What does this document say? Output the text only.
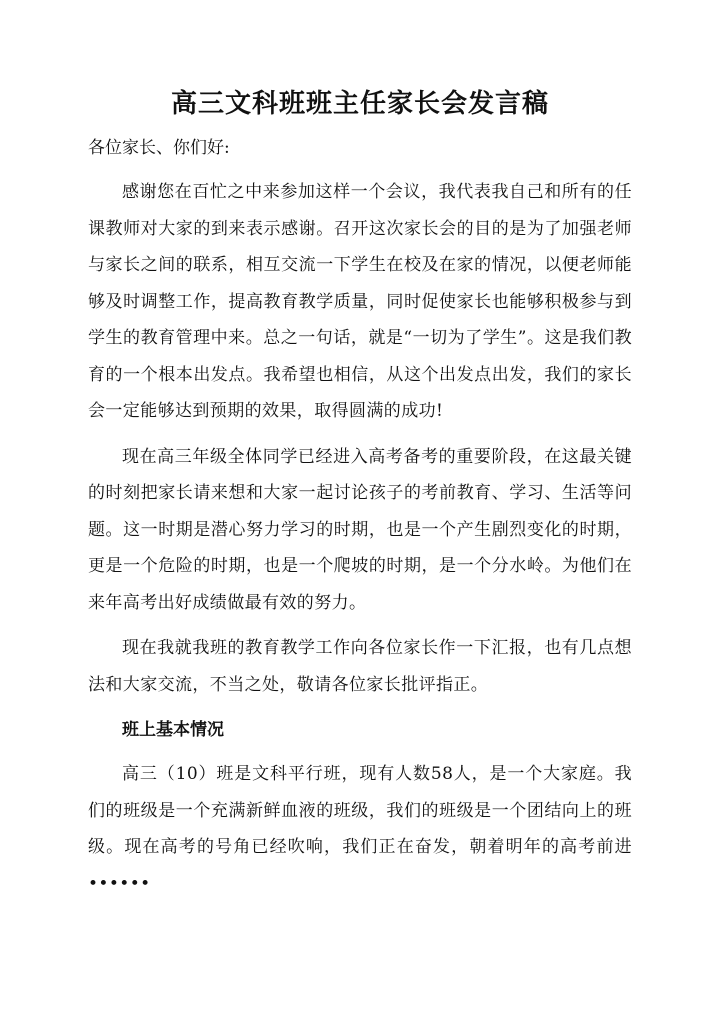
高三文科班班主任家长会发言稿

各位家长、你们好:

感谢您在百忙之中来参加这样一个会议，我代表我自己和所有的任课教师对大家的到来表示感谢。召开这次家长会的目的是为了加强老师与家长之间的联系，相互交流一下学生在校及在家的情况，以便老师能够及时调整工作，提高教育教学质量，同时促使家长也能够积极参与到学生的教育管理中来。总之一句话，就是“一切为了学生”。这是我们教育的一个根本出发点。我希望也相信，从这个出发点出发，我们的家长会一定能够达到预期的效果，取得圆满的成功!

现在高三年级全体同学已经进入高考备考的重要阶段，在这最关键的时刻把家长请来想和大家一起讨论孩子的考前教育、学习、生活等问题。这一时期是潜心努力学习的时期，也是一个产生剧烈变化的时期，更是一个危险的时期，也是一个爬坡的时期，是一个分水岭。为他们在来年高考出好成绩做最有效的努力。

现在我就我班的教育教学工作向各位家长作一下汇报，也有几点想法和大家交流，不当之处，敬请各位家长批评指正。

班上基本情况

高三（10）班是文科平行班，现有人数58人，是一个大家庭。我们的班级是一个充满新鲜血液的班级，我们的班级是一个团结向上的班级。现在高考的号角已经吹响，我们正在奋发，朝着明年的高考前进••••••
